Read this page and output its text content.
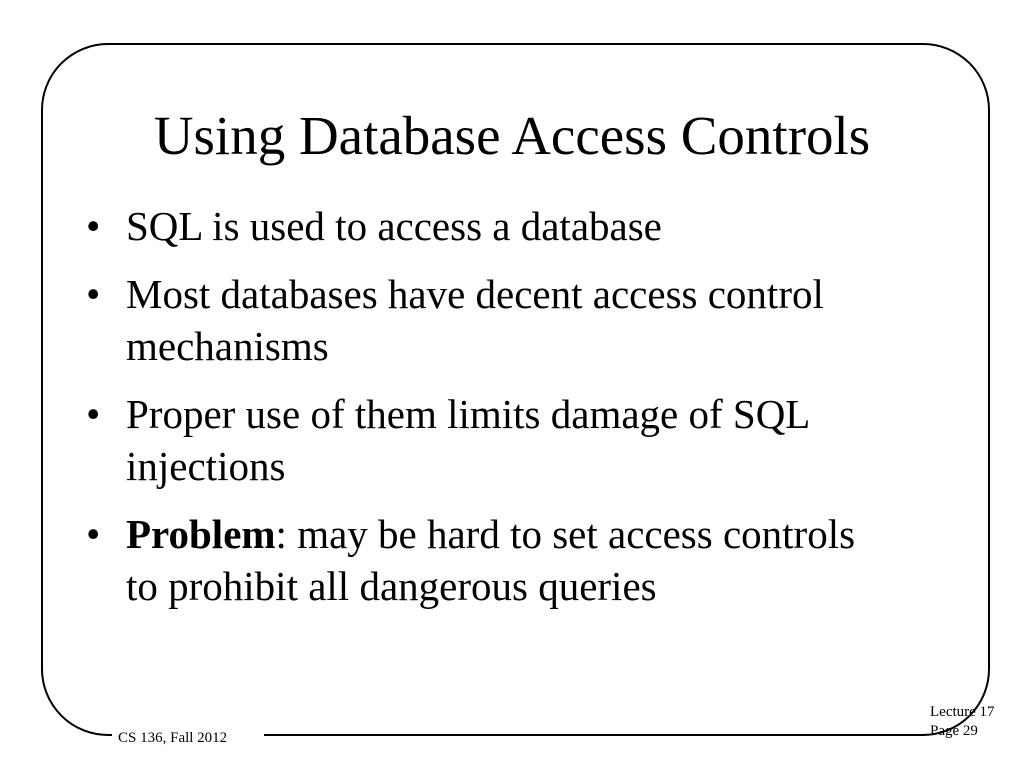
Using Database Access Controls
• SQL is used to access a database
• Most databases have decent access control mechanisms
• Proper use of them limits damage of SQL injections
• Problem: may be hard to set access controls to prohibit all dangerous queries
CS 136, Fall 2012
Lecture 17
Page 29
